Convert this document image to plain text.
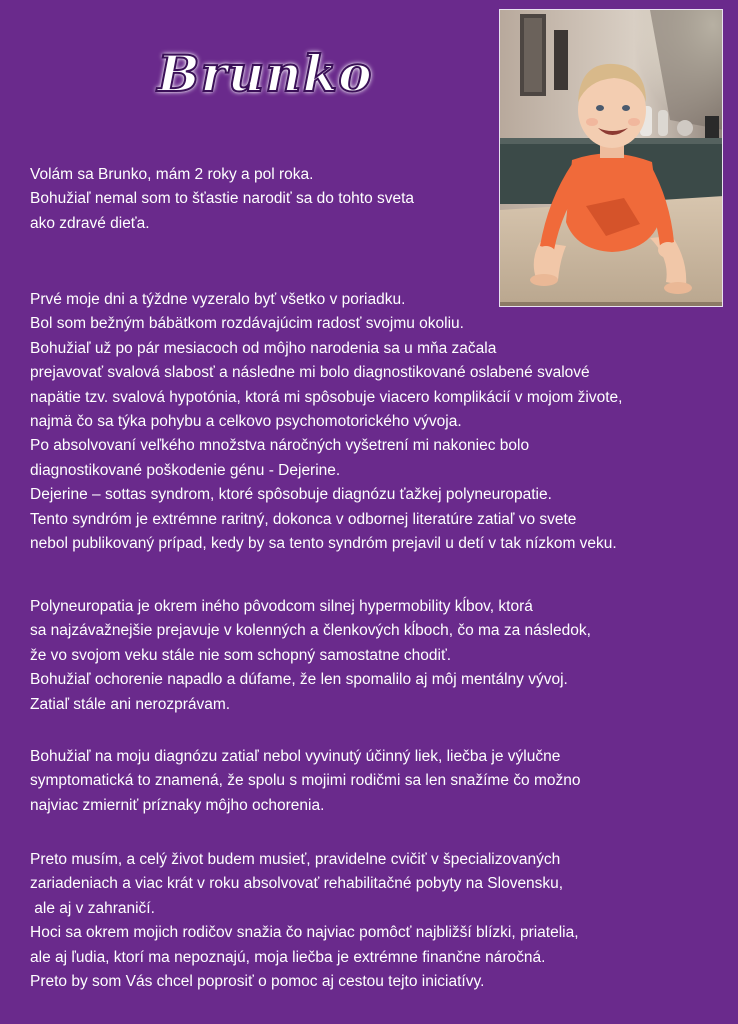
Brunko
Volám sa Brunko, mám 2 roky a pol roka.
Bohužiaľ nemal som to šťastie narodiť sa do tohto sveta
ako zdravé dieťa.
Prvé moje dni a týždne vyzeralo byť všetko v poriadku.
Bol som bežným bábätkom rozdávajúcim radosť svojmu okoliu.
Bohužiaľ už po pár mesiacoch od môjho narodenia sa u mňa začala
prejavovať svalová slabosť a následne mi bolo diagnostikované oslabené svalové
napätie tzv. svalová hypotónia, ktorá mi spôsobuje viacero komplikácií v mojom živote,
najmä čo sa týka pohybu a celkovo psychomotorického vývoja.
Po absolvovaní veľkého množstva náročných vyšetrení mi nakoniec bolo
diagnostikované poškodenie génu - Dejerine.
Dejerine – sottas syndrom, ktoré spôsobuje diagnózu ťažkej polyneuropatie.
Tento syndróm je extrémne raritný, dokonca v odbornej literatúre zatiaľ vo svete
nebol publikovaný prípad, kedy by sa tento syndróm prejavil u detí v tak nízkom veku.
Polyneuropatia je okrem iného pôvodcom silnej hypermobility kĺbov, ktorá
sa najzávažnejšie prejavuje v kolenných a členkových kĺboch, čo ma za následok,
že vo svojom veku stále nie som schopný samostatne chodiť.
Bohužiaľ ochorenie napadlo a dúfame, že len spomalilo aj môj mentálny vývoj.
Zatiaľ stále ani nerozprávam.
Bohužiaľ na moju diagnózu zatiaľ nebol vyvinutý účinný liek, liečba je výlučne
symptomatická to znamená, že spolu s mojimi rodičmi sa len snažíme čo možno
najviac zmierniť príznaky môjho ochorenia.
Preto musím, a celý život budem musieť, pravidelne cvičiť v špecializovaných
zariadeniach a viac krát v roku absolvovať rehabilitačné pobyty na Slovensku,
ale aj v zahraničí.
Hoci sa okrem mojich rodičov snažia čo najviac pomôcť najbližší blízki, priatelia,
ale aj ľudia, ktorí ma nepoznajú, moja liečba je extrémne finančne náročná.
Preto by som Vás chcel poprosiť o pomoc aj cestou tejto iniciatívy.
